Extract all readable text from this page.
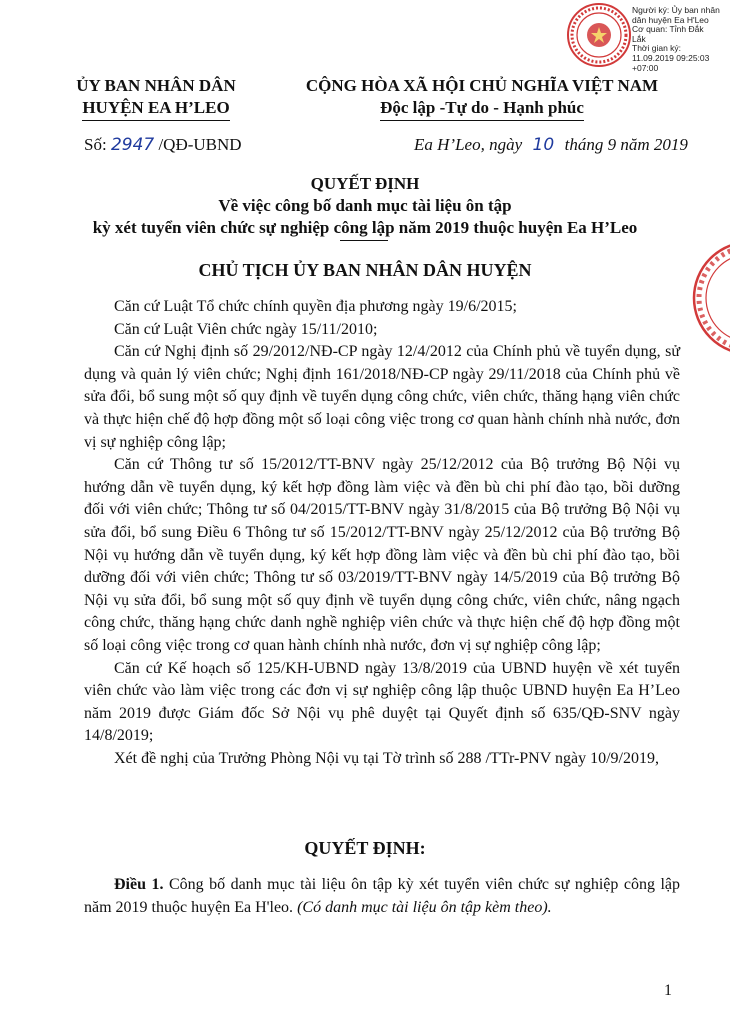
Người ký: Ủy ban nhân
dân huyện Ea H'Leo
Cơ quan: Tỉnh Đắk
Lắk
Thời gian ký:
11.09.2019 09:25:03
+07:00
ỦY BAN NHÂN DÂN
HUYỆN EA H’LEO
CỘNG HÒA XÃ HỘI CHỦ NGHĨA VIỆT NAM
Độc lập -Tự do - Hạnh phúc
Số: 2947 /QĐ-UBND	Ea H’Leo, ngày 10 tháng 9 năm 2019
QUYẾT ĐỊNH
Về việc công bố danh mục tài liệu ôn tập
kỳ xét tuyển viên chức sự nghiệp công lập năm 2019 thuộc huyện Ea H’Leo
CHỦ TỊCH ỦY BAN NHÂN DÂN HUYỆN
Căn cứ Luật Tổ chức chính quyền địa phương ngày 19/6/2015;
Căn cứ Luật Viên chức ngày 15/11/2010;
Căn cứ Nghị định số 29/2012/NĐ-CP ngày 12/4/2012 của Chính phủ về tuyển dụng, sử dụng và quản lý viên chức; Nghị định 161/2018/NĐ-CP ngày 29/11/2018 của Chính phủ về sửa đổi, bổ sung một số quy định về tuyển dụng công chức, viên chức, thăng hạng viên chức và thực hiện chế độ hợp đồng một số loại công việc trong cơ quan hành chính nhà nước, đơn vị sự nghiệp công lập;
Căn cứ Thông tư số 15/2012/TT-BNV ngày 25/12/2012 của Bộ trưởng Bộ Nội vụ hướng dẫn về tuyển dụng, ký kết hợp đồng làm việc và đền bù chi phí đào tạo, bồi dưỡng đối với viên chức; Thông tư số 04/2015/TT-BNV ngày 31/8/2015 của Bộ trưởng Bộ Nội vụ sửa đổi, bổ sung Điều 6 Thông tư số 15/2012/TT-BNV ngày 25/12/2012 của Bộ trưởng Bộ Nội vụ hướng dẫn về tuyển dụng, ký kết hợp đồng làm việc và đền bù chi phí đào tạo, bồi dưỡng đối với viên chức; Thông tư số 03/2019/TT-BNV ngày 14/5/2019 của Bộ trưởng Bộ Nội vụ sửa đổi, bổ sung một số quy định về tuyển dụng công chức, viên chức, nâng ngạch công chức, thăng hạng chức danh nghề nghiệp viên chức và thực hiện chế độ hợp đồng một số loại công việc trong cơ quan hành chính nhà nước, đơn vị sự nghiệp công lập;
Căn cứ Kế hoạch số 125/KH-UBND ngày 13/8/2019 của UBND huyện về xét tuyển viên chức vào làm việc trong các đơn vị sự nghiệp công lập thuộc UBND huyện Ea H’Leo năm 2019 được Giám đốc Sở Nội vụ phê duyệt tại Quyết định số 635/QĐ-SNV ngày 14/8/2019;
Xét đề nghị của Trưởng Phòng Nội vụ tại Tờ trình số 288 /TTr-PNV ngày 10/9/2019,
QUYẾT ĐỊNH:
Điều 1. Công bố danh mục tài liệu ôn tập kỳ xét tuyển viên chức sự nghiệp công lập năm 2019 thuộc huyện Ea H'leo. (Có danh mục tài liệu ôn tập kèm theo).
1
